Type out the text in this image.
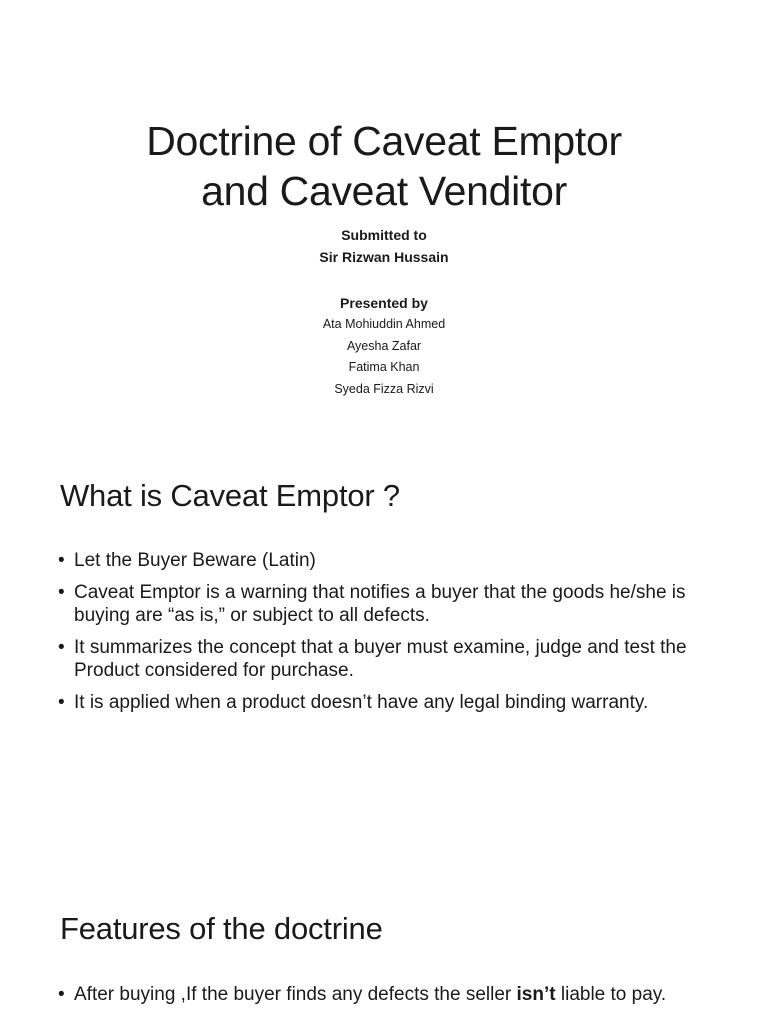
Doctrine of Caveat Emptor
and Caveat Venditor
Submitted to
Sir Rizwan Hussain
Presented by
Ata Mohiuddin Ahmed
Ayesha Zafar
Fatima Khan
Syeda Fizza Rizvi
What is Caveat Emptor ?
• Let the Buyer Beware (Latin)
• Caveat Emptor is a warning that notifies a buyer that the goods he/she is buying are “as is,” or subject to all defects.
• It summarizes the concept that a buyer must examine, judge and test the Product considered for purchase.
• It is applied when a product doesn’t have any legal binding warranty.
Features of the doctrine
• After buying ,If the buyer finds any defects the seller isn’t liable to pay.
